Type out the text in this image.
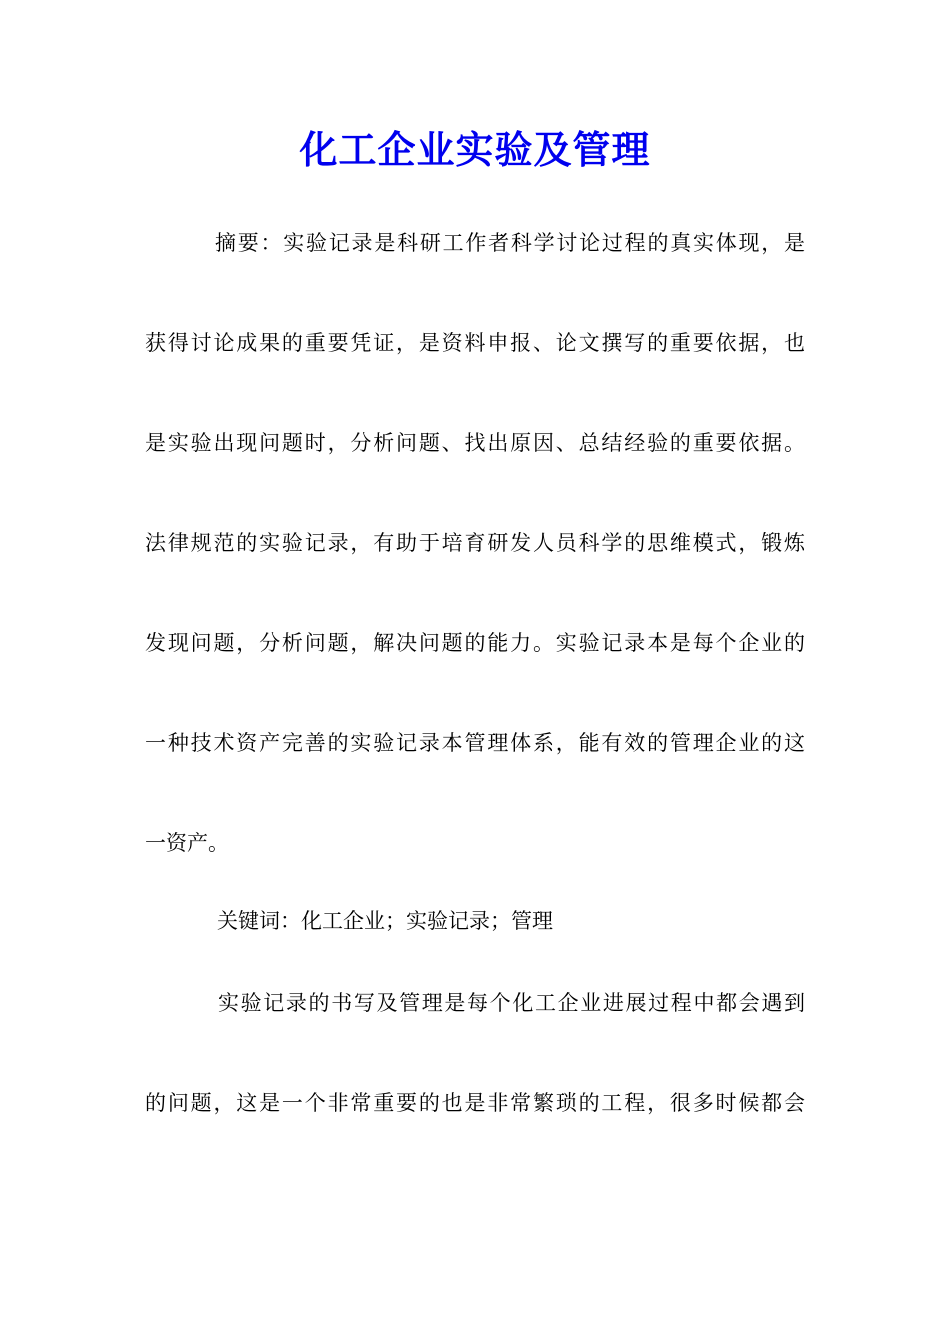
化工企业实验及管理
摘要：实验记录是科研工作者科学讨论过程的真实体现，是
获得讨论成果的重要凭证，是资料申报、论文撰写的重要依据，也
是实验出现问题时，分析问题、找出原因、总结经验的重要依据。
法律规范的实验记录，有助于培育研发人员科学的思维模式，锻炼
发现问题，分析问题，解决问题的能力。实验记录本是每个企业的
一种技术资产完善的实验记录本管理体系，能有效的管理企业的这
一资产。
关键词：化工企业；实验记录；管理
实验记录的书写及管理是每个化工企业进展过程中都会遇到
的问题，这是一个非常重要的也是非常繁琐的工程，很多时候都会
